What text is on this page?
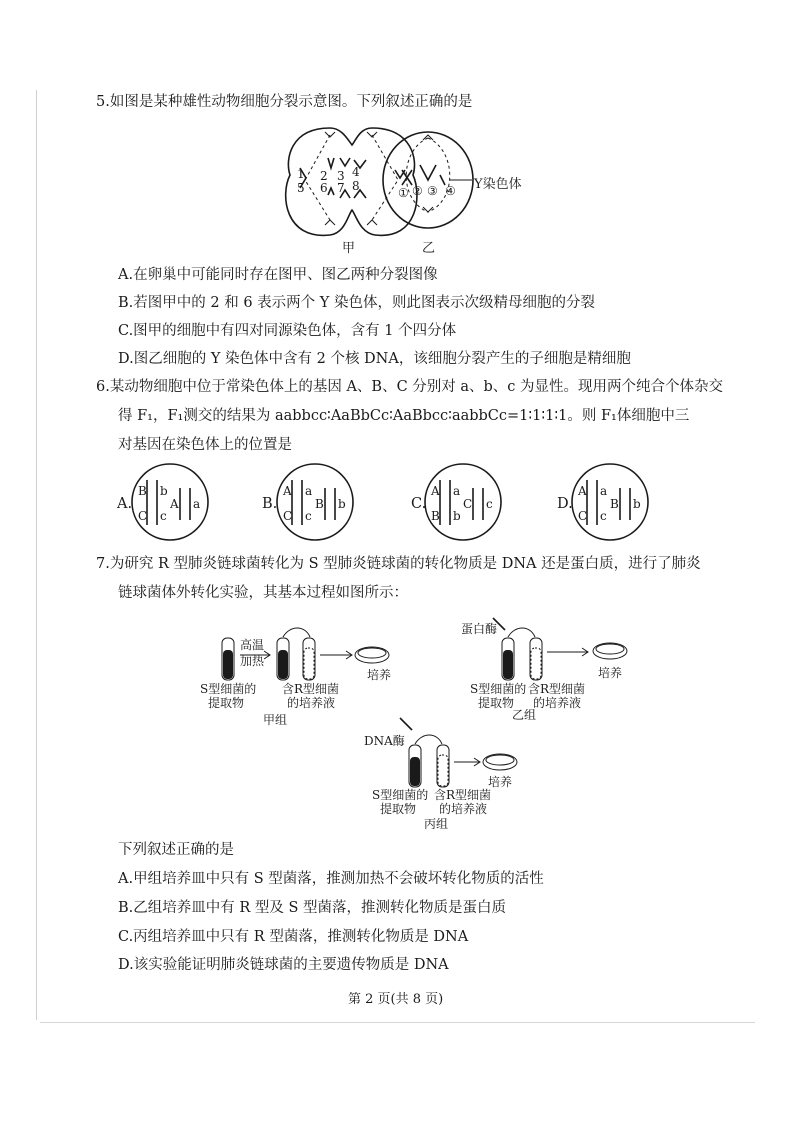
5.如图是某种雄性动物细胞分裂示意图。下列叙述正确的是
1 2 3 4
5 6 7 8	① ② ③ ④ Y染色体
甲	乙
A.在卵巢中可能同时存在图甲、图乙两种分裂图像
B.若图甲中的 2 和 6 表示两个 Y 染色体，则此图表示次级精母细胞的分裂
C.图甲的细胞中有四对同源染色体，含有 1 个四分体
D.图乙细胞的 Y 染色体中含有 2 个核 DNA，该细胞分裂产生的子细胞是精细胞
6.某动物细胞中位于常染色体上的基因 A、B、C 分别对 a、b、c 为显性。现用两个纯合个体杂交
得 F₁，F₁测交的结果为 aabbcc∶AaBbCc∶AaBbcc∶aabbCc=1∶1∶1∶1。则 F₁体细胞中三
对基因在染色体上的位置是
A.
B
C
b
c
A a	B.
A
C
a
c
B b	C.
A
B
a
b
C c	D.
A
C
a
c
B b
7.为研究 R 型肺炎链球菌转化为 S 型肺炎链球菌的转化物质是 DNA 还是蛋白质，进行了肺炎
链球菌体外转化实验，其基本过程如图所示：
高温
加热
S型细菌的
提取物
含R型细菌
的培养液
培养
甲组
蛋白酶
S型细菌的
提取物
含R型细菌
的培养液
培养
乙组
DNA酶
S型细菌的
提取物
含R型细菌
的培养液
培养
丙组
下列叙述正确的是
A.甲组培养皿中只有 S 型菌落，推测加热不会破坏转化物质的活性
B.乙组培养皿中有 R 型及 S 型菌落，推测转化物质是蛋白质
C.丙组培养皿中只有 R 型菌落，推测转化物质是 DNA
D.该实验能证明肺炎链球菌的主要遗传物质是 DNA
第 2 页(共 8 页)
